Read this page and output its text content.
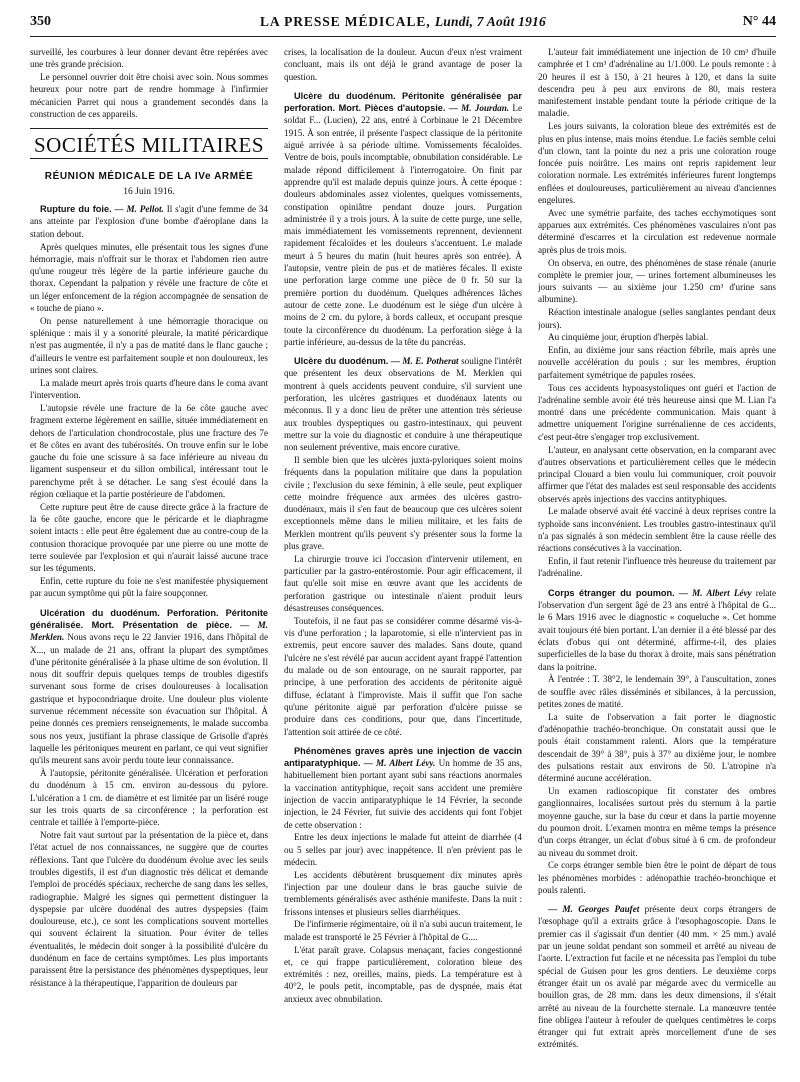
350	LA PRESSE MÉDICALE, Lundi, 7 Août 1916	N° 44

surveillé, les courbures à leur donner devant être repérées avec une très grande précision.

Le personnel ouvrier doit être choisi avec soin. Nous sommes heureux pour notre part de rendre hommage à l'infirmier mécanicien Parret qui nous a grandement secondés dans la construction de ces appareils.

SOCIÉTÉS MILITAIRES
RÉUNION MÉDICALE DE LA IVe ARMÉE
16 Juin 1916.

Rupture du foie. — M. Pellot. Il s'agit d'une femme de 34 ans atteinte par l'explosion d'une bombe d'aéroplane dans la station debout.

Après quelques minutes, elle présentait tous les signes d'une hémorragie, mais n'offrait sur le thorax et l'abdomen rien autre qu'une rougeur très légère de la partie inférieure gauche du thorax. Cependant la palpation y révèle une fracture de côte et un léger enfoncement de la région accompagnée de sensation de « touche de piano ».

On pense naturellement à une hémorragie thoracique ou splénique : mais il y a sonorité pleurale, la matité péricardique n'est pas augmentée, il n'y a pas de matité dans le flanc gauche ; d'ailleurs le ventre est parfaitement souple et non douloureux, les urines sont claires.

La malade meurt après trois quarts d'heure dans le coma avant l'intervention.

L'autopsie révèle une fracture de la 6e côte gauche avec fragment externe légèrement en saillie, située immédiatement en dehors de l'articulation chondrocostale, plus une fracture des 7e et 8e côtes en avant des tubérosités. On trouve enfin sur le lobe gauche du foie une scissure à sa face inférieure au niveau du ligament suspenseur et du sillon ombilical, intéressant tout le parenchyme prêt à se détacher. Le sang s'est écoulé dans la région cœliaque et la partie postérieure de l'abdomen.

Cette rupture peut être de cause directe grâce à la fracture de la 6e côte gauche, encore que le péricarde et le diaphragme soient intacts : elle peut être également due au contre-coup de la contusion thoracique provoquée par une pierre ou une motte de terre soulevée par l'explosion et qui n'aurait laissé aucune trace sur les téguments.

Enfin, cette rupture du foie ne s'est manifestée physiquement par aucun symptôme qui pût la faire soupçonner.

Ulcération du duodénum. Perforation. Péritonite généralisée. Mort. Présentation de pièce. — M. Merklen. Nous avons reçu le 22 Janvier 1916, dans l'hôpital de X..., un malade de 21 ans, offrant la plupart des symptômes d'une péritonite généralisée à la phase ultime de son évolution. Il nous dit souffrir depuis quelques temps de troubles digestifs survenant sous forme de crises douloureuses à localisation gastrique et hypocondriaque droite. Une douleur plus violente survenue récemment nécessite son évacuation sur l'hôpital. À peine donnés ces premiers renseignements, le malade succomba sous nos yeux, justifiant la phrase classique de Grisolle d'après laquelle les péritoniques meurent en parlant, ce qui veut signifier qu'ils meurent sans avoir perdu toute leur connaissance.

À l'autopsie, péritonite généralisée. Ulcération et perforation du duodénum à 15 cm. environ au-dessous du pylore. L'ulcération a 1 cm. de diamètre et est limitée par un liséré rouge sur les trois quarts de sa circonférence ; la perforation est centrale et taillée à l'emporte-pièce.

Notre fait vaut surtout par la présentation de la pièce et, dans l'état actuel de nos connaissances, ne suggère que de courtes réflexions. Tant que l'ulcère du duodénum évolue avec les seuls troubles digestifs, il est d'un diagnostic très délicat et demande l'emploi de procédés spéciaux, recherche de sang dans les selles, radiographie. Malgré les signes qui permettent distinguer la dyspepsie par ulcère duodénal des autres dyspepsies (faim douloureuse, etc.), ce sont les complications souvent mortelles qui souvent éclairent la situation. Pour éviter de telles éventualités, le médecin doit songer à la possibilité d'ulcère du duodénum en face de certains symptômes. Les plus importants paraissent être la persistance des phénomènes dyspeptiques, leur résistance à la thérapeutique, l'apparition de douleurs par

crises, la localisation de la douleur. Aucun d'eux n'est vraiment concluant, mais ils ont déjà le grand avantage de poser la question.

Ulcère du duodénum. Péritonite généralisée par perforation. Mort. Pièces d'autopsie. — M. Jourdan. Le soldat F... (Lucien), 22 ans, entré à Corbinaue le 21 Décembre 1915. À son entrée, il présente l'aspect classique de la péritonite aiguë arrivée à sa période ultime. Vomissements fécaloïdes. Ventre de bois, pouls incomptable, obnubilation considérable. Le malade répond difficilement à l'interrogatoire. On finit par apprendre qu'il est malade depuis quinze jours. À cette époque : douleurs abdominales assez violentes, quelques vomissements, constipation opiniâtre pendant douze jours. Purgation administrée il y a trois jours. À la suite de cette purge, une selle, mais immédiatement les vomissements reprennent, deviennent rapidement fécaloïdes et les douleurs s'accentuent. Le malade meurt à 5 heures du matin (huit heures après son entrée). À l'autopsie, ventre plein de pus et de matières fécales. Il existe une perforation large comme une pièce de 0 fr. 50 sur la première portion du duodénum. Quelques adhérences lâches autour de cette zone. Le duodénum est le siège d'un ulcère à moins de 2 cm. du pylore, à bords calleux, et occupant presque toute la circonférence du duodénum. La perforation siège à la partie inférieure, au-dessus de la tête du pancréas.

Ulcère du duodénum. — M. E. Potherat souligne l'intérêt que présentent les deux observations de M. Merklen qui montrent à quels accidents peuvent conduire, s'il survient une perforation, les ulcères gastriques et duodénaux latents ou méconnus. Il y a donc lieu de prêter une attention très sérieuse aux troubles dyspeptiques ou gastro-intestinaux, qui peuvent mettre sur la voie du diagnostic et conduire à une thérapeutique non seulement préventive, mais encore curative.

Il semble bien que les ulcères juxta-pyloriques soient moins fréquents dans la population militaire que dans la population civile ; l'exclusion du sexe féminin, à elle seule, peut expliquer cette moindre fréquence aux armées des ulcères gastro-duodénaux, mais il s'en faut de beaucoup que ces ulcères soient exceptionnels même dans le milieu militaire, et les faits de Merklen montrent qu'ils peuvent s'y présenter sous la forme la plus grave.

La chirurgie trouve ici l'occasion d'intervenir utilement, en particulier par la gastro-entérostomie. Pour agir efficacement, il faut qu'elle soit mise en œuvre avant que les accidents de perforation gastrique ou intestinale n'aient produit leurs désastreuses conséquences.

Toutefois, il ne faut pas se considérer comme désarmé vis-à-vis d'une perforation ; la laparotomie, si elle n'intervient pas in extremis, peut encore sauver des malades. Sans doute, quand l'ulcère ne s'est révélé par aucun accident ayant frappé l'attention du malade ou de son entourage, on ne saurait rapporter, par principe, à une perforation des accidents de péritonite aiguë diffuse, éclatant à l'improviste. Mais il suffit que l'on sache qu'une péritonite aiguë par perforation d'ulcère puisse se produire dans ces conditions, pour que, dans l'incertitude, l'attention soit attirée de ce côté.

Phénomènes graves après une injection de vaccin antiparatyphique. — M. Albert Lévy. Un homme de 35 ans, habituellement bien portant ayant subi sans réactions anormales la vaccination antityphique, reçoit sans accident une première injection de vaccin antiparatyphique le 14 Février, la seconde injection, le 24 Février, fut suivie des accidents qui font l'objet de cette observation :

Entre les deux injections le malade fut atteint de diarrhée (4 ou 5 selles par jour) avec inappétence. Il n'en prévient pas le médecin.

Les accidents débutèrent brusquement dix minutes après l'injection par une douleur dans le bras gauche suivie de tremblements généralisés avec asthénie manifeste. Dans la nuit : frissons intenses et plusieurs selles diarrhéiques.

De l'infirmerie régimentaire, où il n'a subi aucun traitement, le malade est transporté le 25 Février à l'hôpital de G....

L'état paraît grave. Colapsus menaçant, facies congestionné et, ce qui frappe particulièrement, coloration bleue des extrémités : nez, oreilles, mains, pieds. La température est à 40°2, le pouls petit, incomptable, pas de dyspnée, mais état anxieux avec obnubilation.

L'auteur fait immédiatement une injection de 10 cm³ d'huile camphrée et 1 cm³ d'adrénaline au 1/1.000. Le pouls remonte : à 20 heures il est à 150, à 21 heures à 120, et dans la suite descendra peu à peu aux environs de 80, mais restera manifestement instable pendant toute la période critique de la maladie.

Les jours suivants, la coloration bleue des extrémités est de plus en plus intense, mais moins étendue. Le faciès semble celui d'un clown, tant la pointe du nez a pris une coloration rouge foncée puis noirâtre. Les mains ont repris rapidement leur coloration normale. Les extrémités inférieures furent longtemps enflées et douloureuses, particulièrement au niveau d'anciennes engelures.

Avec une symétrie parfaite, des taches ecchymotiques sont apparues aux extrémités. Ces phénomènes vasculaires n'ont pas déterminé d'escarres et la circulation est redevenue normale après plus de trois mois.

On observa, en outre, des phénomènes de stase rénale (anurie complète le premier jour, — urines fortement albumineuses les jours suivants — au sixième jour 1.250 cm³ d'urine sans albumine).

Réaction intestinale analogue (selles sanglantes pendant deux jours).

Au cinquième jour, éruption d'herpès labial.

Enfin, au dixième jour sans réaction fébrile, mais après une nouvelle accélération du pouls : sur les membres, éruption parfaitement symétrique de papules rosées.

Tous ces accidents hypoasystoliques ont guéri et l'action de l'adrénaline semble avoir été très heureuse ainsi que M. Lian l'a montré dans une précédente communication. Mais quant à admettre uniquement l'origine surrénalienne de ces accidents, c'est peut-être s'engager trop exclusivement.

L'auteur, en analysant cette observation, en la comparant avec d'autres observations et particulièrement celles que le médecin principal Clouard a bien voulu lui communiquer, croit pouvoir affirmer que l'état des malades est seul responsable des accidents observés après injections des vaccins antityphiques.

Le malade observé avait été vacciné à deux reprises contre la typhoïde sans inconvénient. Les troubles gastro-intestinaux qu'il n'a pas signalés à son médecin semblent être la cause réelle des réactions consécutives à la vaccination.

Enfin, il faut retenir l'influence très heureuse du traitement par l'adrénaline.

Corps étranger du poumon. — M. Albert Lévy relate l'observation d'un sergent âgé de 23 ans entré à l'hôpital de G... le 6 Mars 1916 avec le diagnostic « coqueluche ». Cet homme avait toujours été bien portant. L'an dernier il a été blessé par des éclats d'obus qui ont déterminé, affirme-t-il, des plaies superficielles de la base du thorax à droite, mais sans pénétration dans la poitrine.

À l'entrée : T. 38°2, le lendemain 39°, à l'auscultation, zones de souffle avec râles disséminés et sibilances, à la percussion, petites zones de matité.

La suite de l'observation a fait porter le diagnostic d'adénopathie trachéo-bronchique. On constatait aussi que le pouls était constamment ralenti. Alors que la température descendait de 39° à 38°, puis à 37° au dixième jour, le nombre des pulsations restait aux environs de 50. L'atropine n'a déterminé aucune accélération.

Un examen radioscopique fit constater des ombres ganglionnaires, localisées surtout près du sternum à la partie moyenne gauche, sur la base du cœur et dans la partie moyenne du poumon droit. L'examen montra en même temps la présence d'un corps étranger, un éclat d'obus situé à 6 cm. de profondeur au niveau du sommet droit.

Ce corps étranger semble bien être le point de départ de tous les phénomènes morbides : adénopathie trachéo-bronchique et pouls ralenti.

— M. Georges Paufet présente deux corps étrangers de l'œsophage qu'il a extraits grâce à l'œsophagoscopie. Dans le premier cas il s'agissait d'un dentier (40 mm. × 25 mm.) avalé par un jeune soldat pendant son sommeil et arrêté au niveau de l'aorte. L'extraction fut facile et ne nécessita pas l'emploi du tube spécial de Guisen pour les gros dentiers. Le deuxième corps étranger était un os avalé par mégarde avec du vermicelle au bouillon gras, de 28 mm. dans les deux dimensions, il s'était arrêté au niveau de la fourchette sternale. La manœuvre tentée fine obligea l'auteur à refouler de quelques centimètres le corps étranger qui fut extrait après morcellement d'une de ses extrémités.
